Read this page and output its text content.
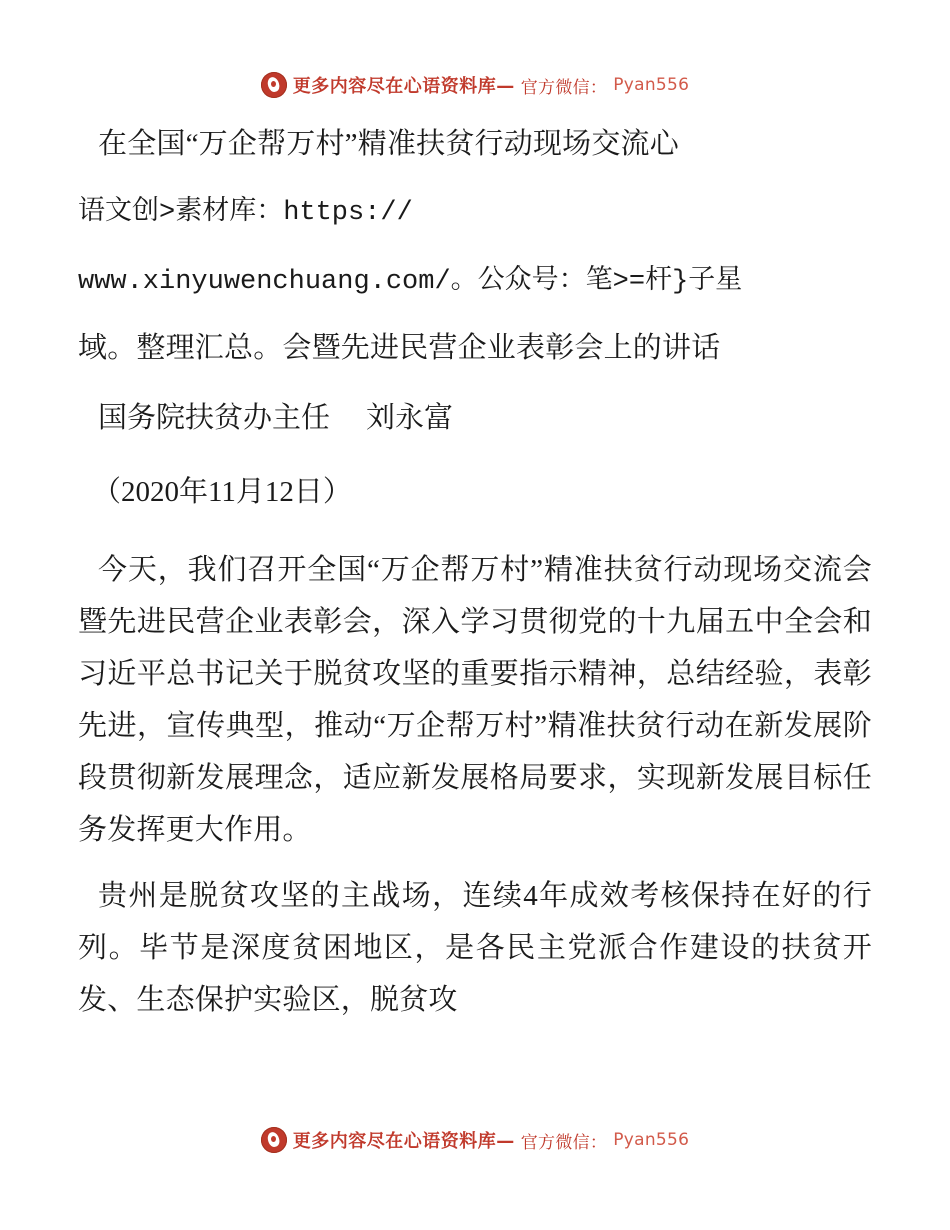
更多内容尽在心语资料库— 官方微信： Pyan556

在全国“万企帮万村”精准扶贫行动现场交流心

语文创>素材库：https://

www.xinyuwenchuang.com/。公众号：笔>=杆}子星

域。整理汇总。会暨先进民营企业表彰会上的讲话

国务院扶贫办主任 刘永富

（2020年11月12日）

今天，我们召开全国“万企帮万村”精准扶贫行动现场交流会暨先进民营企业表彰会，深入学习贯彻党的十九届五中全会和习近平总书记关于脱贫攻坚的重要指示精神，总结经验，表彰先进，宣传典型，推动“万企帮万村”精准扶贫行动在新发展阶段贯彻新发展理念，适应新发展格局要求，实现新发展目标任务发挥更大作用。

贵州是脱贫攻坚的主战场，连续4年成效考核保持在好的行列。毕节是深度贫困地区，是各民主党派合作建设的扶贫开发、生态保护实验区，脱贫攻

更多内容尽在心语资料库— 官方微信： Pyan556
